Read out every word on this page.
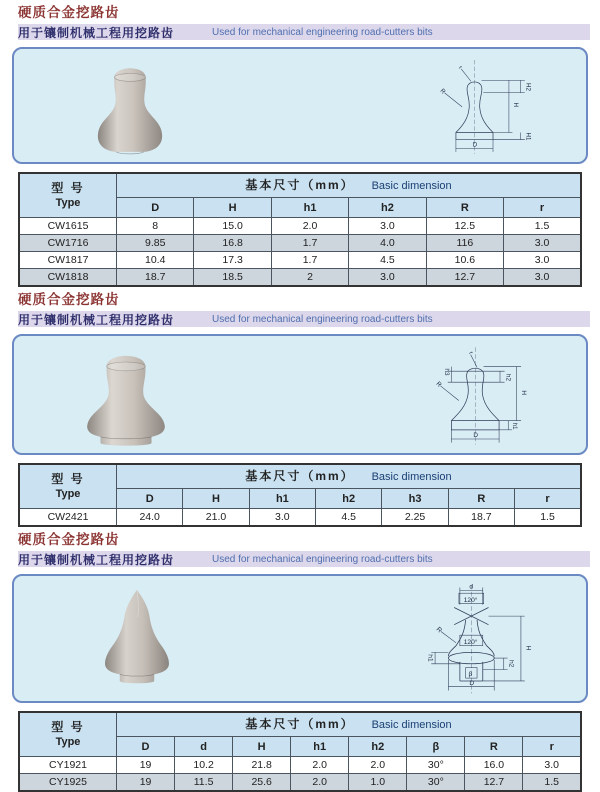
硬质合金挖路齿
用于镶制机械工程用挖路齿	Used for mechanical engineering road-cutters bits
r
R
H2
H
H1
D
型 号
Type	基本尺寸（mm） Basic dimension					
	D	H	h1	h2	R	r
CW1615	8	15.0	2.0	3.0	12.5	1.5
CW1716	9.85	16.8	1.7	4.0	116	3.0
CW1817	10.4	17.3	1.7	4.5	10.6	3.0
CW1818	18.7	18.5	2	3.0	12.7	3.0
硬质合金挖路齿
用于镶制机械工程用挖路齿	Used for mechanical engineering road-cutters bits
h3
r
h2
R
H
h1
D
型 号
Type	基本尺寸（mm） Basic dimension						
	D	H	h1	h2	h3	R	r
CW2421	24.0	21.0	3.0	4.5	2.25	18.7	1.5
硬质合金挖路齿
用于镶制机械工程用挖路齿	Used for mechanical engineering road-cutters bits
d
120°
R
120°
h1
β
h2
D
H
型 号
Type	基本尺寸（mm） Basic dimension							
	D	d	H	h1	h2	β	R	r
CY1921	19	10.2	21.8	2.0	2.0	30°	16.0	3.0
CY1925	19	11.5	25.6	2.0	1.0	30°	12.7	1.5
